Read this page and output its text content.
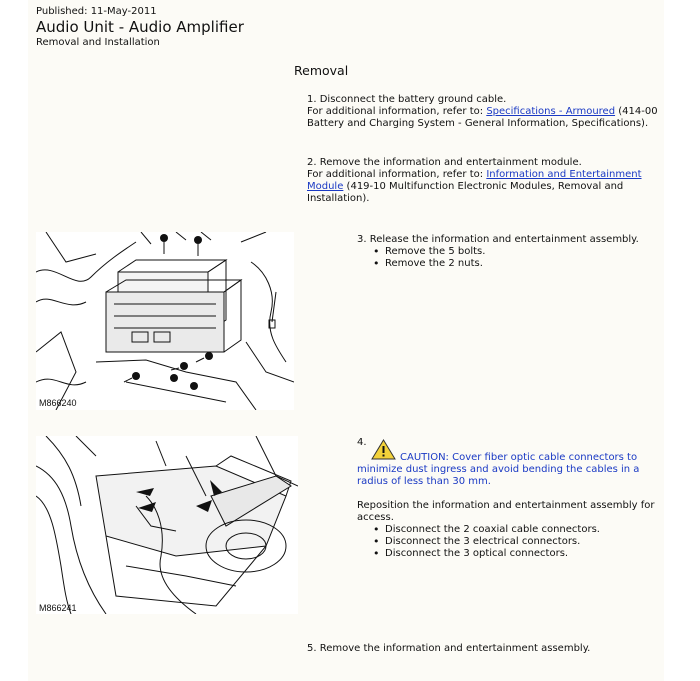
Published: 11-May-2011
Audio Unit - Audio Amplifier
Removal and Installation
Removal
1. Disconnect the battery ground cable.
For additional information, refer to: Specifications - Armoured (414-00
Battery and Charging System - General Information, Specifications).
2. Remove the information and entertainment module.
For additional information, refer to: Information and Entertainment
Module (419-10 Multifunction Electronic Modules, Removal and
Installation).
M866240
3. Release the information and entertainment assembly.
• Remove the 5 bolts.
• Remove the 2 nuts.
M866241
4.
CAUTION: Cover fiber optic cable connectors to
minimize dust ingress and avoid bending the cables in a
radius of less than 30 mm.
Reposition the information and entertainment assembly for
access.
• Disconnect the 2 coaxial cable connectors.
• Disconnect the 3 electrical connectors.
• Disconnect the 3 optical connectors.
5. Remove the information and entertainment assembly.
